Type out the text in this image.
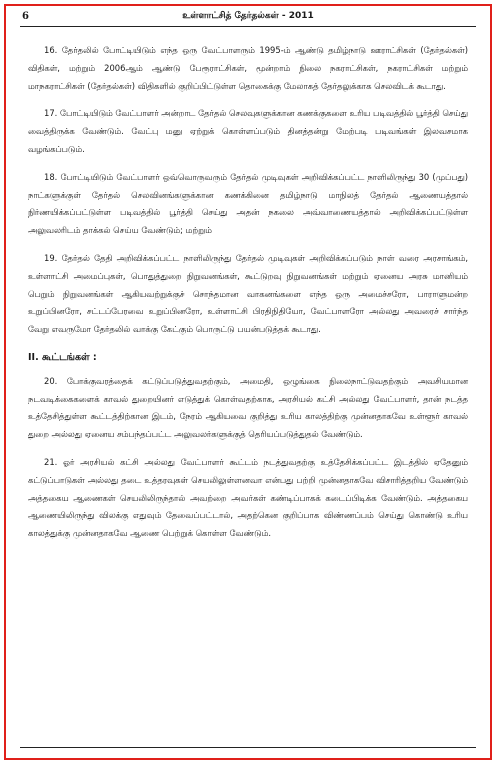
6	உள்ளாட்சித் தேர்தல்கள் - 2011

16. தேர்தலில் போட்டியிடும் எந்த ஒரு வேட்பாளரும் 1995-ம் ஆண்டு தமிழ்நாடு ஊராட்சிகள் (தேர்தல்கள்) விதிகள், மற்றும் 2006ஆம் ஆண்டு பேரூராட்சிகள், மூன்றாம் நிலை நகராட்சிகள், நகராட்சிகள் மற்றும் மாநகராட்சிகள் (தேர்தல்கள்) விதிகளில் குறிப்பிட்டுள்ள தொகைக்கு மேலாகத் தேர்தலுக்காக செலவிடக் கூடாது.

17. போட்டியிடும் வேட்பாளர் அன்றாட தேர்தல் செலவுகளுக்கான கணக்குகளை உரிய படிவத்தில் பூர்த்தி செய்து வைத்திருக்க வேண்டும். வேட்பு மனு ஏற்றுக் கொள்ளப்படும் தினத்தன்று மேற்படி படிவங்கள் இலவசமாக வழங்கப்படும்.

18. போட்டியிடும் வேட்பாளர் ஒவ்வொருவரும் தேர்தல் முடிவுகள் அறிவிக்கப்பட்ட நாளிலிருந்து 30 (முப்பது) நாட்களுக்குள் தேர்தல் செலவினங்களுக்கான கணக்கினை தமிழ்நாடு மாநிலத் தேர்தல் ஆணையத்தால் நிர்ணயிக்கப்பட்டுள்ள படிவத்தில் பூர்த்தி செய்து அதன் நகலை அவ்வாணையத்தால் அறிவிக்கப்பட்டுள்ள அலுவலரிடம் தாக்கல் செய்ய வேண்டும்; மற்றும்

19. தேர்தல் தேதி அறிவிக்கப்பட்ட நாளிலிருந்து தேர்தல் முடிவுகள் அறிவிக்கப்படும் நாள் வரை அரசாங்கம், உள்ளாட்சி அமைப்புகள், பொதுத்துறை நிறுவனங்கள், கூட்டுறவு நிறுவனங்கள் மற்றும் ஏனைய அரசு மானியம் பெறும் நிறுவனங்கள் ஆகியவற்றுக்குச் சொந்தமான வாகனங்களை எந்த ஒரு அமைச்சரோ, பாராளுமன்ற உறுப்பினரோ, சட்டப்பேரவை உறுப்பினரோ, உள்ளாட்சி பிரதிநிதியோ, வேட்பாளரோ அல்லது அவரைச் சார்ந்த வேறு எவருமோ தேர்தலில் வாக்கு கேட்கும் பொருட்டு பயன்படுத்தக் கூடாது.

II. கூட்டங்கள் :

20. போக்குவரத்தைக் கட்டுப்படுத்துவதற்கும், அமைதி, ஒழுங்கை நிலைநாட்டுவதற்கும் அவசியமான நடவடிக்கைகளைக் காவல் துறையினர் எடுத்துக் கொள்வதற்காக, அரசியல் கட்சி அல்லது வேட்பாளர், தான் நடத்த உத்தேசித்துள்ள கூட்டத்திற்கான இடம், நேரம் ஆகியவை குறித்து உரிய காலத்திற்கு முன்னதாகவே உள்ளூர் காவல் துறை அல்லது ஏனைய சம்பந்தப்பட்ட அலுவலர்களுக்குத் தெரியப்படுத்துதல் வேண்டும்.

21. ஓர் அரசியல் கட்சி அல்லது வேட்பாளர் கூட்டம் நடத்துவதற்கு உத்தேசிக்கப்பட்ட இடத்தில் ஏதேனும் கட்டுப்பாடுகள் அல்லது தடை உத்தரவுகள் செயலிலுள்ளனவா என்பது பற்றி முன்னதாகவே விசாரித்தறிய வேண்டும் அத்தகைய ஆணைகள் செயலிலிருந்தால் அவற்றை அவர்கள் கண்டிப்பாகக் கடைப்பிடிக்க வேண்டும். அத்தகைய ஆணையிலிருந்து விலக்கு எதுவும் தேவைப்பட்டால், அதற்கென குறிப்பாக விண்ணப்பம் செய்து கொண்டு உரிய காலத்துக்கு முன்னதாகவே ஆணை பெற்றுக் கொள்ள வேண்டும்.
